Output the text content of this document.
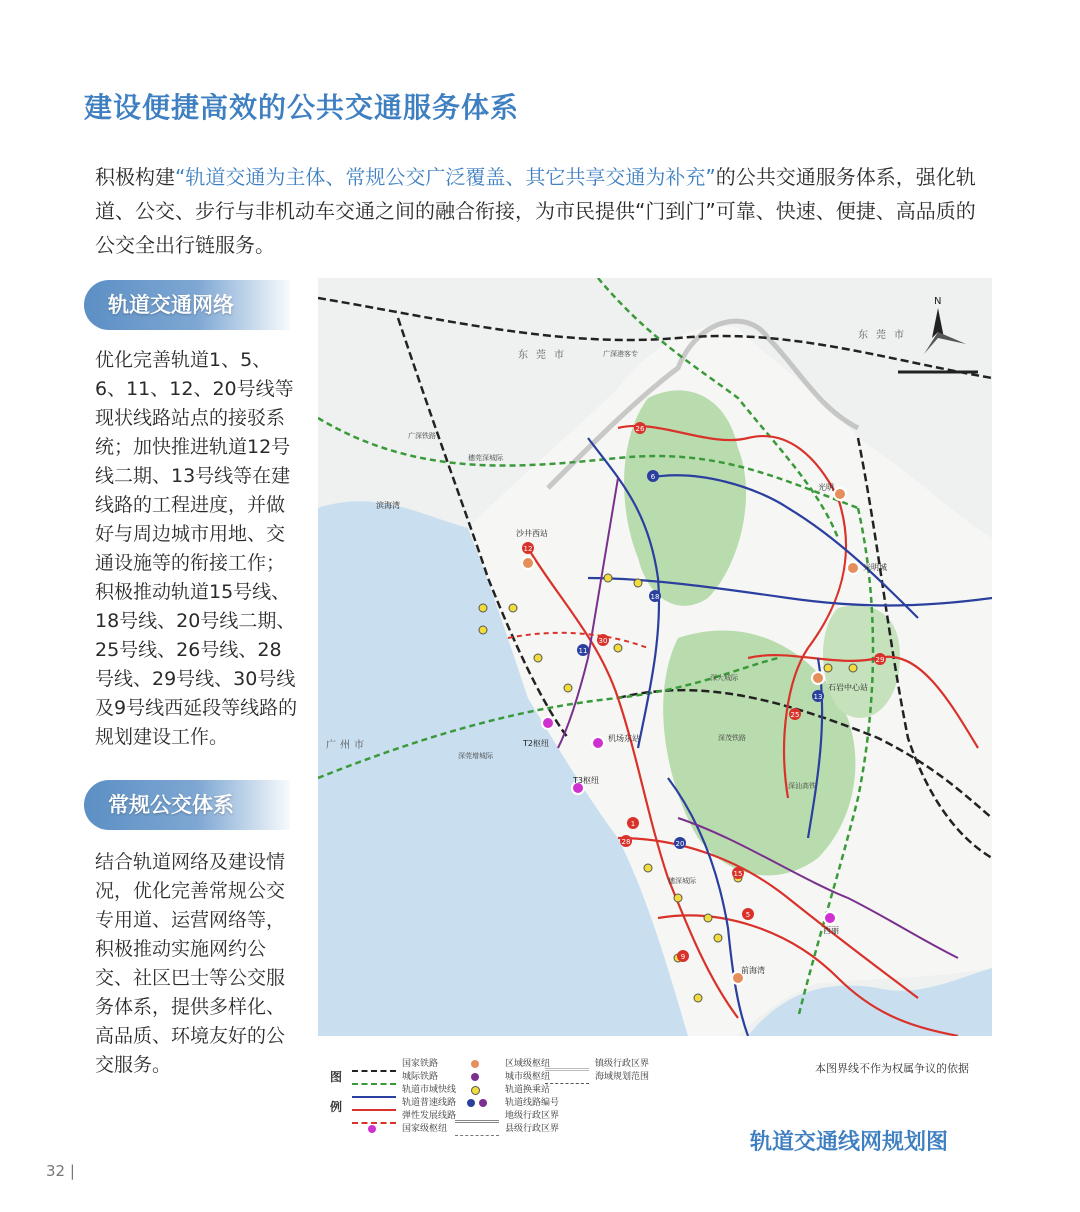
建设便捷高效的公共交通服务体系
积极构建“轨道交通为主体、常规公交广泛覆盖、其它共享交通为补充”的公共交通服务体系，强化轨道、公交、步行与非机动车交通之间的融合衔接，为市民提供“门到门”可靠、快速、便捷、高品质的公交全出行链服务。
轨道交通网络
优化完善轨道1、5、6、11、12、20号线等现状线路站点的接驳系统；加快推进轨道12号线二期、13号线等在建线路的工程进度，并做好与周边城市用地、交通设施等的衔接工作；积极推动轨道15号线、18号线、20号线二期、25号线、26号线、28号线、29号线、30号线及9号线西延段等线路的规划建设工作。
常规公交体系
结合轨道网络及建设情况，优化完善常规公交专用道、运营网络等，积极推动实施网约公交、社区巴士等公交服务体系，提供多样化、高品质、环境友好的公交服务。
12
11
20
6
18
26
13
25
1
15
5
9
29
28
30
沙井西站
T2枢纽
T3枢纽
机场东站
光明
光明城
石岩中心站
前海湾
西丽
滨海湾
东莞市
广州市
东莞市
广深港客专
穗莞深城际
深大城际
深茂铁路
广深铁路
深莞增城际
深汕高铁
穗深城际
N
图
例
国家铁路
城际铁路
轨道市域快线
轨道普速线路
弹性发展线路
国家级枢纽
区域级枢纽
城市级枢纽
轨道换乘站
轨道线路编号
地级行政区界
县级行政区界
镇级行政区界
海域规划范围
本图界线不作为权属争议的依据
轨道交通线网规划图
32 |
